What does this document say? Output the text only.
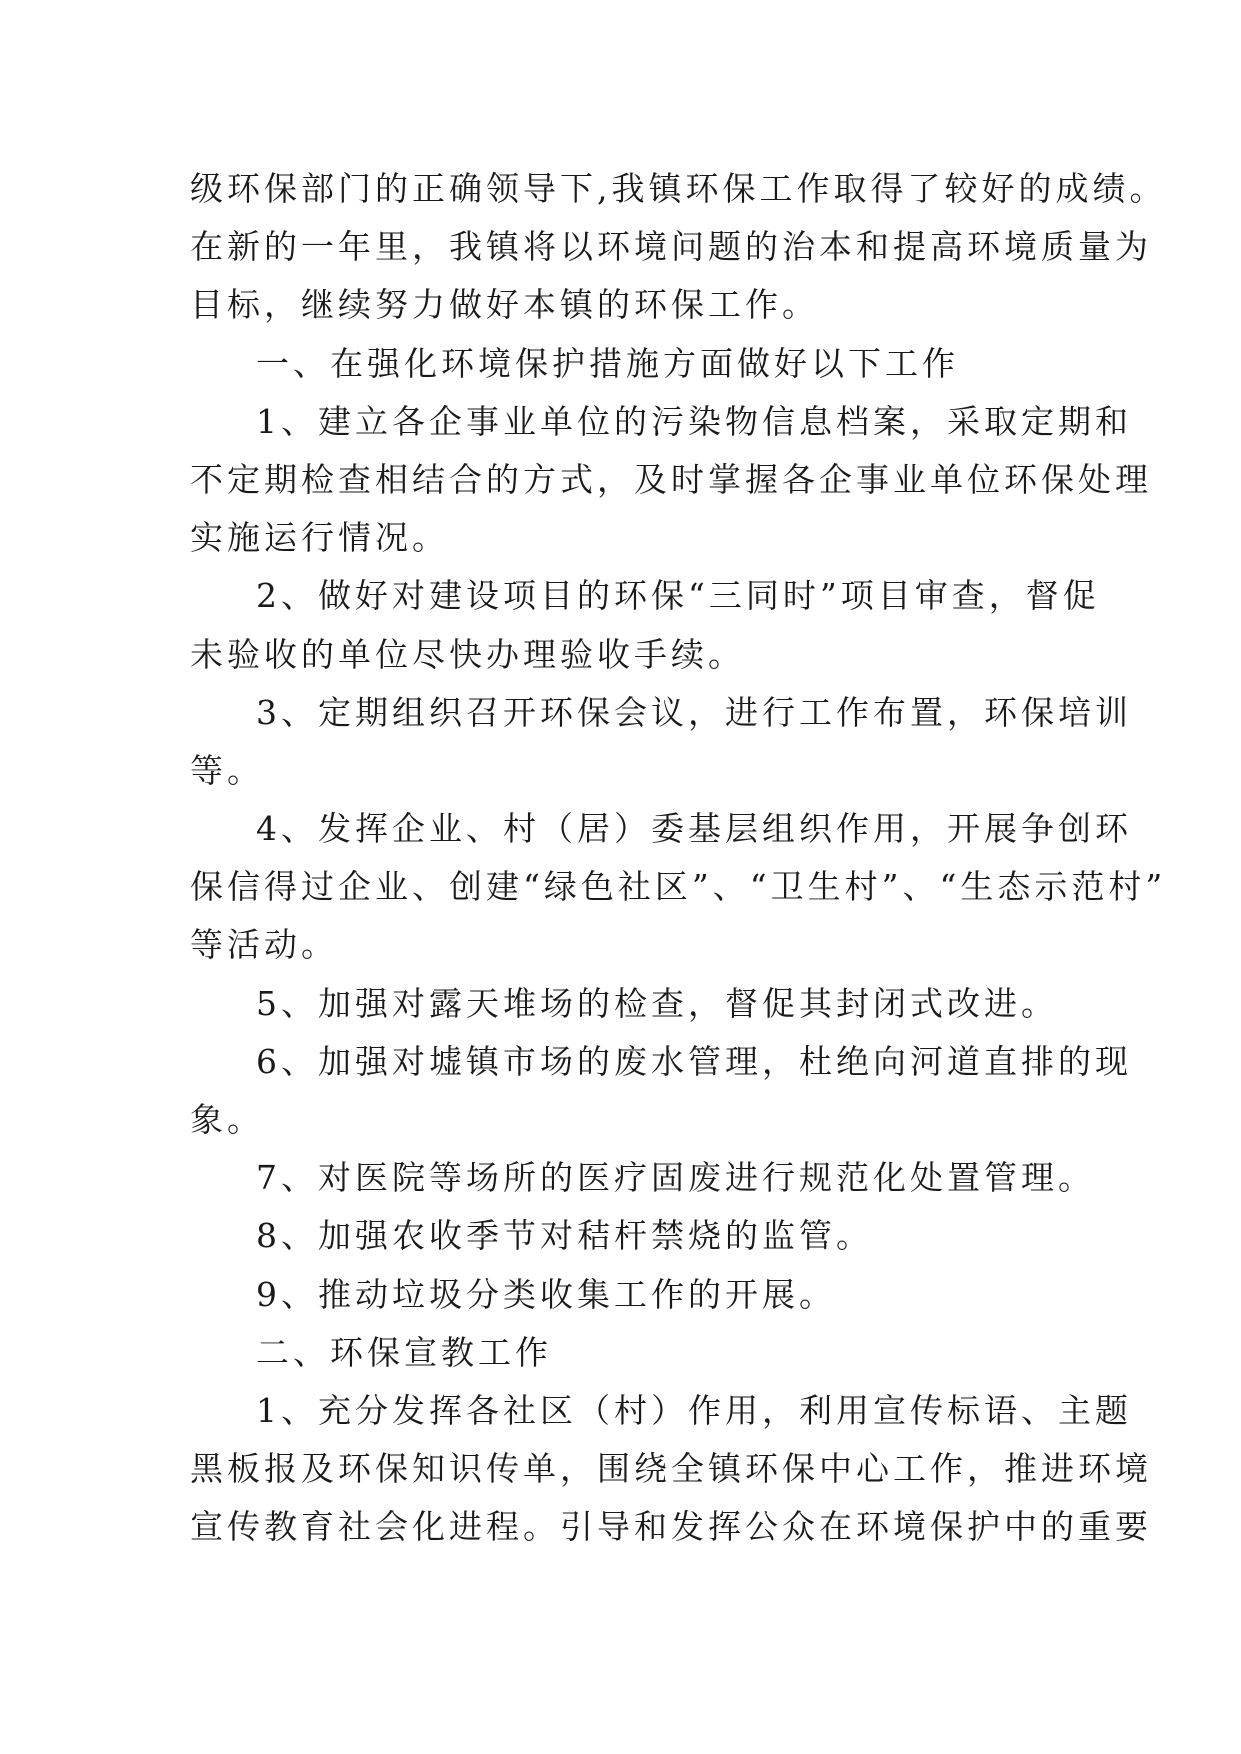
级环保部门的正确领导下,我镇环保工作取得了较好的成绩。
在新的一年里，我镇将以环境问题的治本和提高环境质量为
目标，继续努力做好本镇的环保工作。
一、在强化环境保护措施方面做好以下工作
1、建立各企事业单位的污染物信息档案，采取定期和
不定期检查相结合的方式，及时掌握各企事业单位环保处理
实施运行情况。
2、做好对建设项目的环保“三同时”项目审查，督促
未验收的单位尽快办理验收手续。
3、定期组织召开环保会议，进行工作布置，环保培训
等。
4、发挥企业、村（居）委基层组织作用，开展争创环
保信得过企业、创建“绿色社区”、“卫生村”、“生态示范村”
等活动。
5、加强对露天堆场的检查，督促其封闭式改进。
6、加强对墟镇市场的废水管理，杜绝向河道直排的现
象。
7、对医院等场所的医疗固废进行规范化处置管理。
8、加强农收季节对秸杆禁烧的监管。
9、推动垃圾分类收集工作的开展。
二、环保宣教工作
1、充分发挥各社区（村）作用，利用宣传标语、主题
黑板报及环保知识传单，围绕全镇环保中心工作，推进环境
宣传教育社会化进程。引导和发挥公众在环境保护中的重要
